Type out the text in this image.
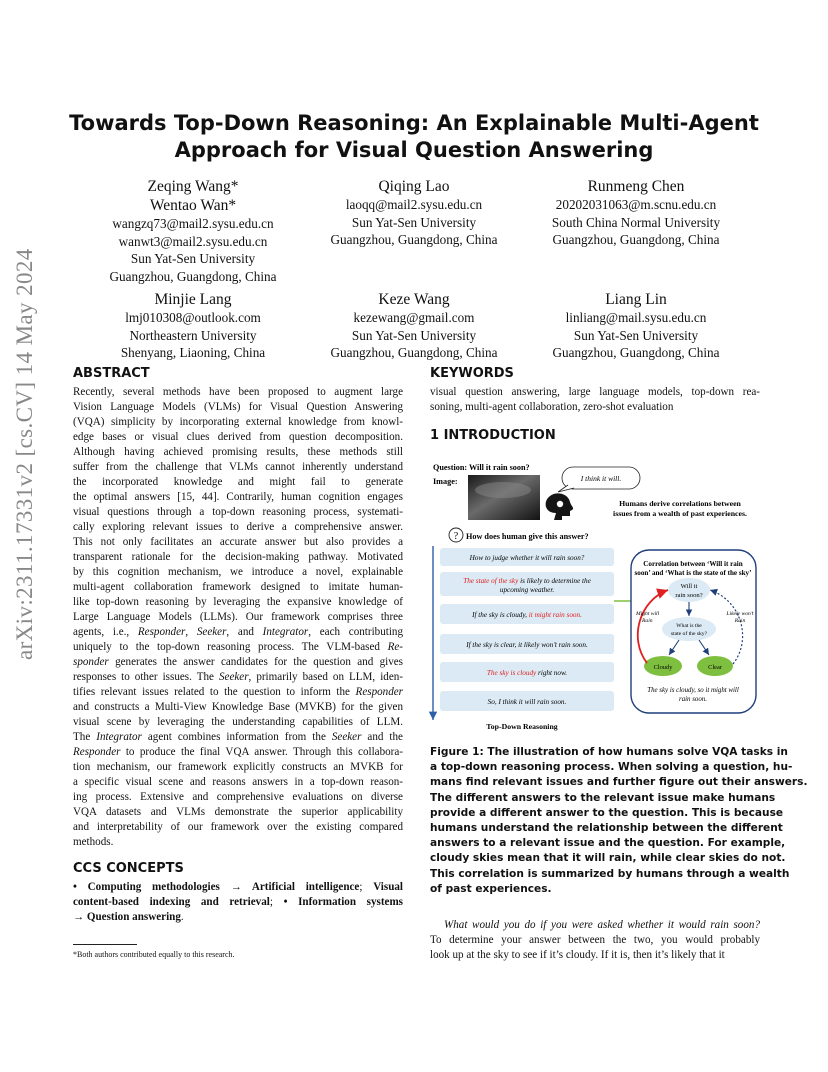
arXiv:2311.17331v2 [cs.CV] 14 May 2024
Towards Top-Down Reasoning: An Explainable Multi-Agent Approach for Visual Question Answering
Zeqing Wang*
Wentao Wan*
wangzq73@mail2.sysu.edu.cn
wanwt3@mail2.sysu.edu.cn
Sun Yat-Sen University
Guangzhou, Guangdong, China
Qiqing Lao
laoqq@mail2.sysu.edu.cn
Sun Yat-Sen University
Guangzhou, Guangdong, China
Runmeng Chen
20202031063@m.scnu.edu.cn
South China Normal University
Guangzhou, Guangdong, China
Minjie Lang
lmj010308@outlook.com
Northeastern University
Shenyang, Liaoning, China
Keze Wang
kezewang@gmail.com
Sun Yat-Sen University
Guangzhou, Guangdong, China
Liang Lin
linliang@mail.sysu.edu.cn
Sun Yat-Sen University
Guangzhou, Guangdong, China
ABSTRACT
Recently, several methods have been proposed to augment large
Vision Language Models (VLMs) for Visual Question Answering
(VQA) simplicity by incorporating external knowledge from knowl-
edge bases or visual clues derived from question decomposition.
Although having achieved promising results, these methods still
suffer from the challenge that VLMs cannot inherently understand
the incorporated knowledge and might fail to generate
the optimal answers [15, 44]. Contrarily, human cognition engages
visual questions through a top-down reasoning process, systemati-
cally exploring relevant issues to derive a comprehensive answer.
This not only facilitates an accurate answer but also provides a
transparent rationale for the decision-making pathway. Motivated
by this cognition mechanism, we introduce a novel, explainable
multi-agent collaboration framework designed to imitate human-
like top-down reasoning by leveraging the expansive knowledge of
Large Language Models (LLMs). Our framework comprises three
agents, i.e., Responder, Seeker, and Integrator, each contributing
uniquely to the top-down reasoning process. The VLM-based Re-
sponder generates the answer candidates for the question and gives
responses to other issues. The Seeker, primarily based on LLM, iden-
tifies relevant issues related to the question to inform the Responder
and constructs a Multi-View Knowledge Base (MVKB) for the given
visual scene by leveraging the understanding capabilities of LLM.
The Integrator agent combines information from the Seeker and the
Responder to produce the final VQA answer. Through this collabora-
tion mechanism, our framework explicitly constructs an MVKB for
a specific visual scene and reasons answers in a top-down reason-
ing process. Extensive and comprehensive evaluations on diverse
VQA datasets and VLMs demonstrate the superior applicability
and interpretability of our framework over the existing compared
methods.
CCS CONCEPTS
• Computing methodologies → Artificial intelligence; Visual
content-based indexing and retrieval; • Information systems
→ Question answering.
*Both authors contributed equally to this research.
KEYWORDS
visual question answering, large language models, top-down rea-
soning, multi-agent collaboration, zero-shot evaluation
1 INTRODUCTION
Question: Will it rain soon?
Image:	I think it will.
Humans derive correlations between
issues from a wealth of past experiences.
? How does human give this answer?
How to judge whether it will rain soon?
The state of the sky is likely to determine the
upcoming weather.
If the sky is cloudy, it might rain soon.
If the sky is clear, it likely won’t rain soon.
The sky is cloudy right now.
So, I think it will rain soon.
Top-Down Reasoning
Correlation between ‘Will it rain
soon’ and ‘What is the state of the sky’
Will it
rain soon?
What is the
state of the sky?
Cloudy	Clear
Might will
Rain
Likely won’t
Rain
The sky is cloudy, so it might will
rain soon.
Figure 1: The illustration of how humans solve VQA tasks in
a top-down reasoning process. When solving a question, hu-
mans find relevant issues and further figure out their answers.
The different answers to the relevant issue make humans
provide a different answer to the question. This is because
humans understand the relationship between the different
answers to a relevant issue and the question. For example,
cloudy skies mean that it will rain, while clear skies do not.
This correlation is summarized by humans through a wealth
of past experiences.
What would you do if you were asked whether it would rain soon?
To determine your answer between the two, you would probably
look up at the sky to see if it’s cloudy. If it is, then it’s likely that it
